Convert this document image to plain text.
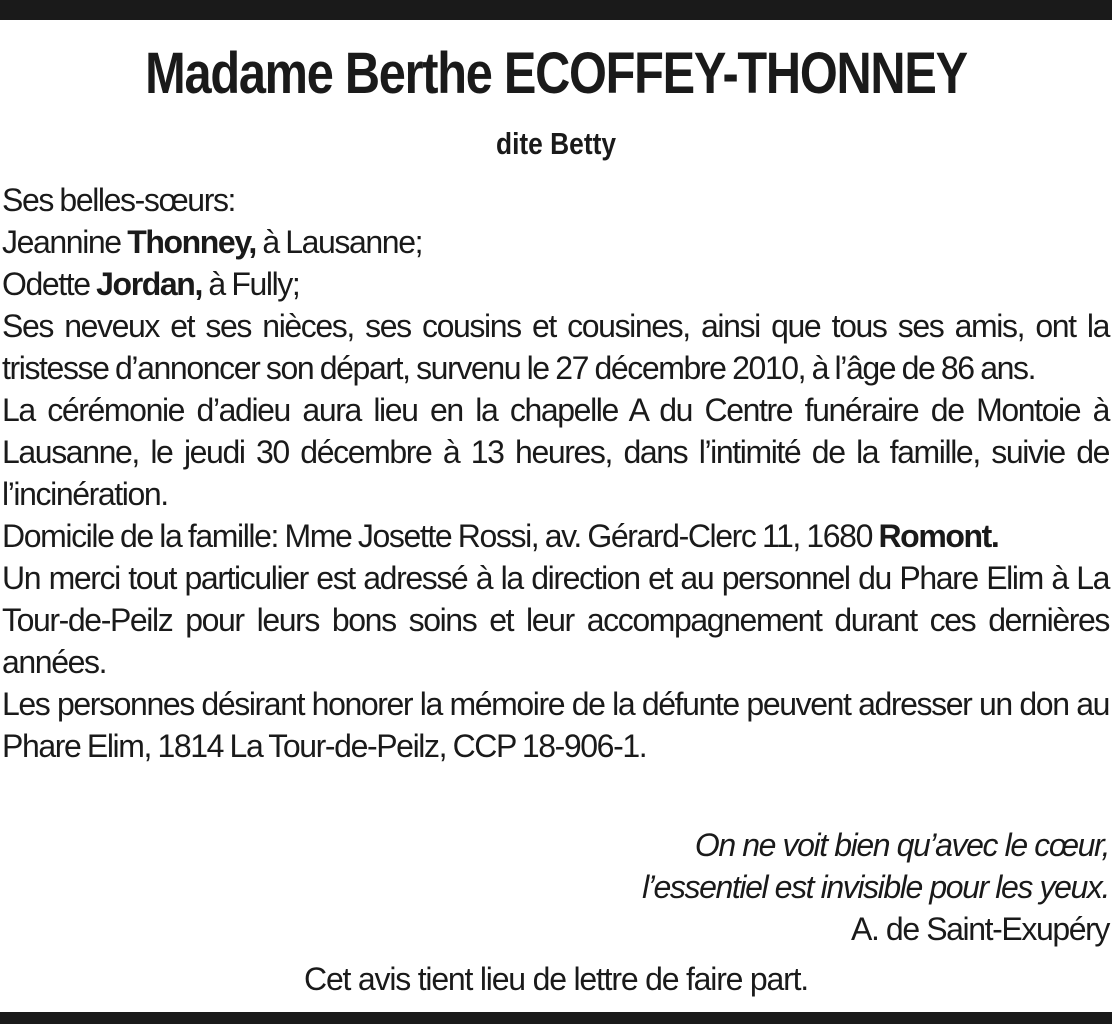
Madame Berthe ECOFFEY-THONNEY
dite Betty

Ses belles-sœurs:

Jeannine Thonney, à Lausanne;

Odette Jordan, à Fully;

Ses neveux et ses nièces, ses cousins et cousines, ainsi que tous ses amis, ont la tristesse d’annoncer son départ, survenu le 27 décembre 2010, à l’âge de 86 ans.

La cérémonie d’adieu aura lieu en la chapelle A du Centre funéraire de Montoie à Lausanne, le jeudi 30 décembre à 13 heures, dans l’intimité de la famille, suivie de l’incinération.

Domicile de la famille: Mme Josette Rossi, av. Gérard-Clerc 11, 1680 Romont.

Un merci tout particulier est adressé à la direction et au personnel du Phare Elim à La Tour-de-Peilz pour leurs bons soins et leur accompagnement durant ces dernières années.

Les personnes désirant honorer la mémoire de la défunte peuvent adresser un don au Phare Elim, 1814 La Tour-de-Peilz, CCP 18-906-1.

On ne voit bien qu’avec le cœur,
l’essentiel est invisible pour les yeux.
A. de Saint-Exupéry
Cet avis tient lieu de lettre de faire part.
